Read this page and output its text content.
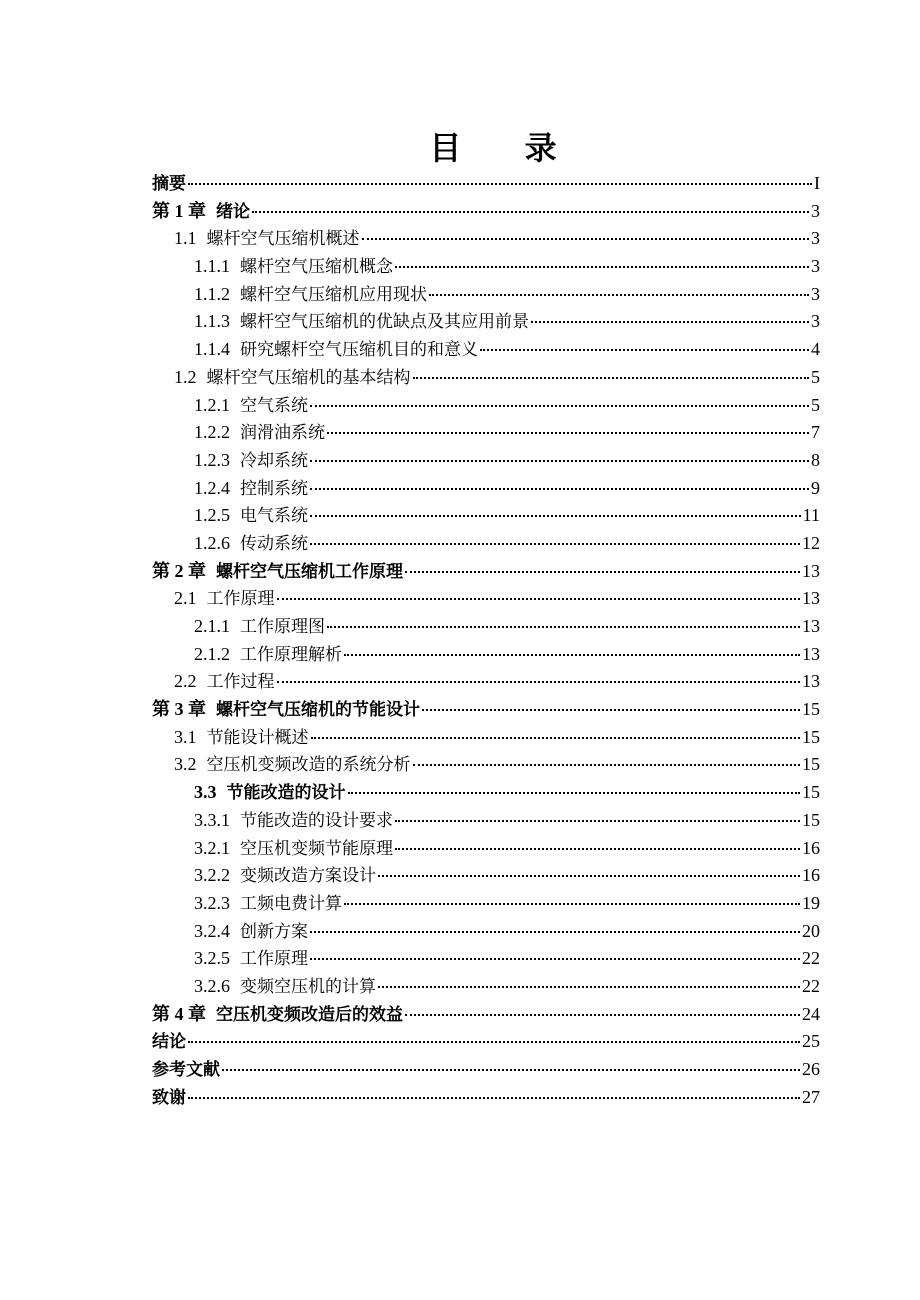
目 录
摘要	I
第 1 章 绪论	3
1.1 螺杆空气压缩机概述	3
1.1.1 螺杆空气压缩机概念	3
1.1.2 螺杆空气压缩机应用现状	3
1.1.3 螺杆空气压缩机的优缺点及其应用前景	3
1.1.4 研究螺杆空气压缩机目的和意义	4
1.2 螺杆空气压缩机的基本结构	5
1.2.1 空气系统	5
1.2.2 润滑油系统	7
1.2.3 冷却系统	8
1.2.4 控制系统	9
1.2.5 电气系统	11
1.2.6 传动系统	12
第 2 章 螺杆空气压缩机工作原理	13
2.1 工作原理	13
2.1.1 工作原理图	13
2.1.2 工作原理解析	13
2.2 工作过程	13
第 3 章 螺杆空气压缩机的节能设计	15
3.1 节能设计概述	15
3.2 空压机变频改造的系统分析	15
3.3 节能改造的设计	15
3.3.1 节能改造的设计要求	15
3.2.1 空压机变频节能原理	16
3.2.2 变频改造方案设计	16
3.2.3 工频电费计算	19
3.2.4 创新方案	20
3.2.5 工作原理	22
3.2.6 变频空压机的计算	22
第 4 章 空压机变频改造后的效益	24
结论	25
参考文献	26
致谢	27
